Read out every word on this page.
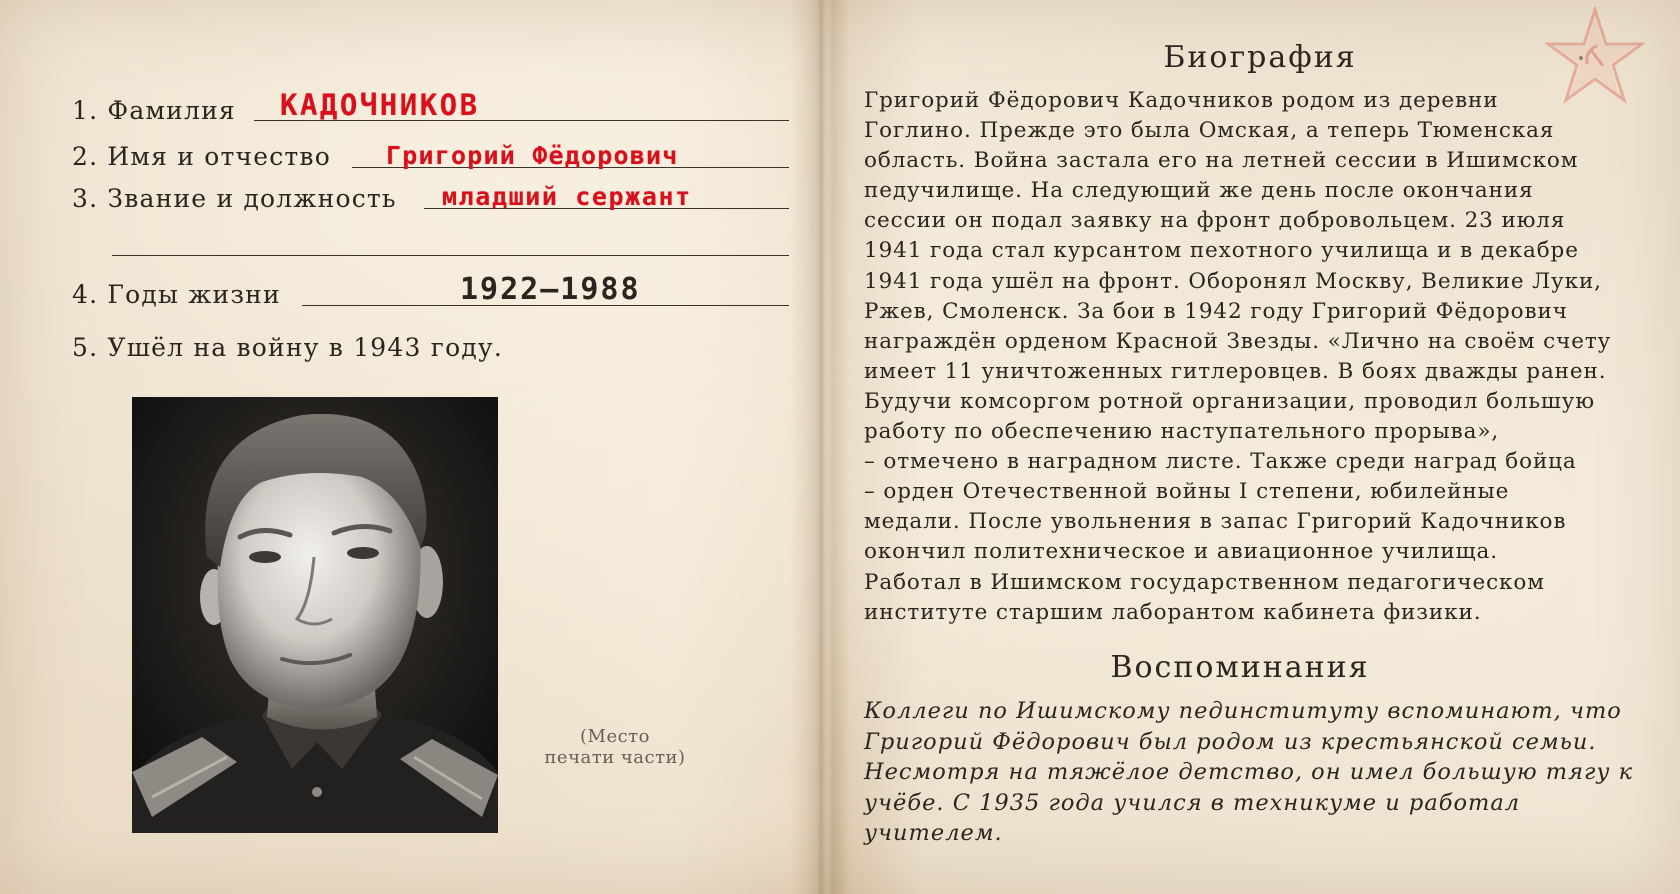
1. Фамилия КАДОЧНИКОВ
2. Имя и отчество Григорий Фёдорович
3. Звание и должность младший сержант
4. Годы жизни	1922–1988
5. Ушёл на войну в 1943 году.
(Место
печати части)
Биография

Григорий Фёдорович Кадочников родом из деревни
Гоглино. Прежде это была Омская, а теперь Тюменская
область. Война застала его на летней сессии в Ишимском
педучилище. На следующий же день после окончания
сессии он подал заявку на фронт добровольцем. 23 июля
1941 года стал курсантом пехотного училища и в декабре
1941 года ушёл на фронт. Оборонял Москву, Великие Луки,
Ржев, Смоленск. За бои в 1942 году Григорий Фёдорович
награждён орденом Красной Звезды. «Лично на своём счету
имеет 11 уничтоженных гитлеровцев. В боях дважды ранен.
Будучи комсоргом ротной организации, проводил большую
работу по обеспечению наступательного прорыва»,
– отмечено в наградном листе. Также среди наград бойца
– орден Отечественной войны I степени, юбилейные
медали. После увольнения в запас Григорий Кадочников
окончил политехническое и авиационное училища.
Работал в Ишимском государственном педагогическом
институте старшим лаборантом кабинета физики.

Воспоминания

Коллеги по Ишимскому пединституту вспоминают, что
Григорий Фёдорович был родом из крестьянской семьи.
Несмотря на тяжёлое детство, он имел большую тягу к
учёбе. С 1935 года учился в техникуме и работал
учителем.
